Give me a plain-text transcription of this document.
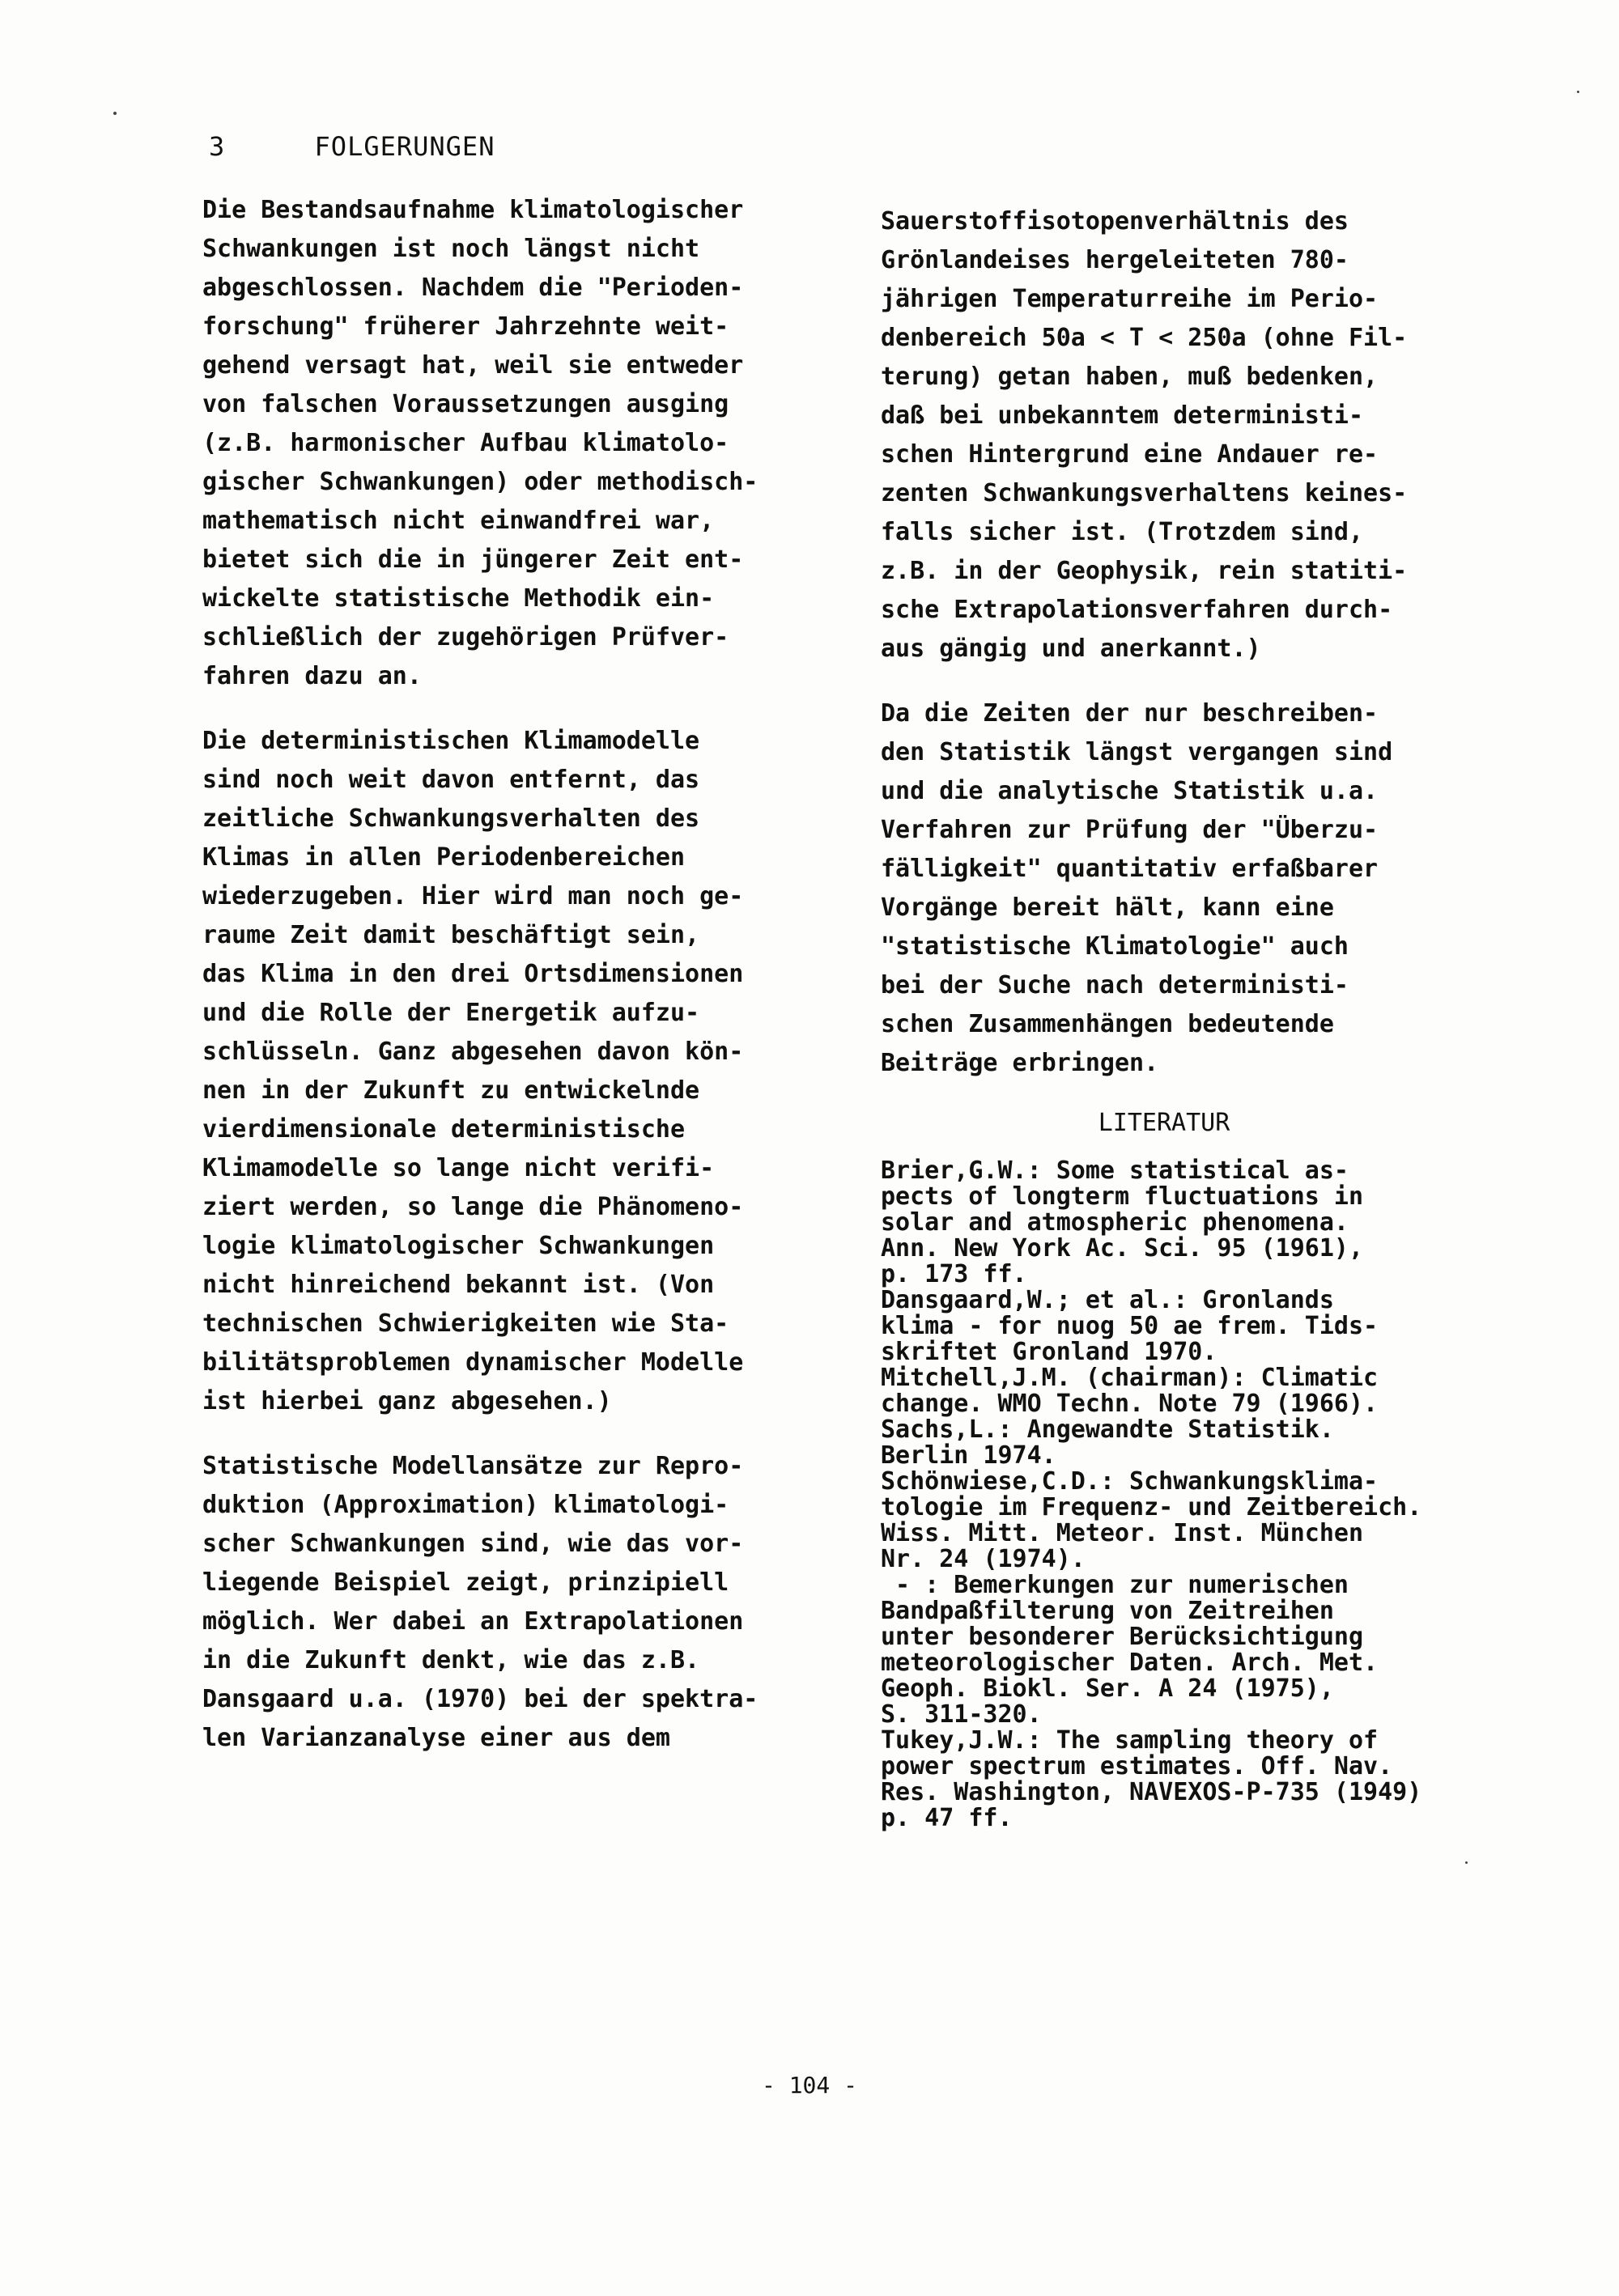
3	FOLGERUNGEN
Die Bestandsaufnahme klimatologischer
Schwankungen ist noch längst nicht
abgeschlossen. Nachdem die "Perioden-
forschung" früherer Jahrzehnte weit-
gehend versagt hat, weil sie entweder
von falschen Voraussetzungen ausging
(z.B. harmonischer Aufbau klimatolo-
gischer Schwankungen) oder methodisch-
mathematisch nicht einwandfrei war,
bietet sich die in jüngerer Zeit ent-
wickelte statistische Methodik ein-
schließlich der zugehörigen Prüfver-
fahren dazu an.
Die deterministischen Klimamodelle
sind noch weit davon entfernt, das
zeitliche Schwankungsverhalten des
Klimas in allen Periodenbereichen
wiederzugeben. Hier wird man noch ge-
raume Zeit damit beschäftigt sein,
das Klima in den drei Ortsdimensionen
und die Rolle der Energetik aufzu-
schlüsseln. Ganz abgesehen davon kön-
nen in der Zukunft zu entwickelnde
vierdimensionale deterministische
Klimamodelle so lange nicht verifi-
ziert werden, so lange die Phänomeno-
logie klimatologischer Schwankungen
nicht hinreichend bekannt ist. (Von
technischen Schwierigkeiten wie Sta-
bilitätsproblemen dynamischer Modelle
ist hierbei ganz abgesehen.)
Statistische Modellansätze zur Repro-
duktion (Approximation) klimatologi-
scher Schwankungen sind, wie das vor-
liegende Beispiel zeigt, prinzipiell
möglich. Wer dabei an Extrapolationen
in die Zukunft denkt, wie das z.B.
Dansgaard u.a. (1970) bei der spektra-
len Varianzanalyse einer aus dem
Sauerstoffisotopenverhältnis des
Grönlandeises hergeleiteten 780-
jährigen Temperaturreihe im Perio-
denbereich 50a < T < 250a (ohne Fil-
terung) getan haben, muß bedenken,
daß bei unbekanntem deterministi-
schen Hintergrund eine Andauer re-
zenten Schwankungsverhaltens keines-
falls sicher ist. (Trotzdem sind,
z.B. in der Geophysik, rein statiti-
sche Extrapolationsverfahren durch-
aus gängig und anerkannt.)
Da die Zeiten der nur beschreiben-
den Statistik längst vergangen sind
und die analytische Statistik u.a.
Verfahren zur Prüfung der "Überzu-
fälligkeit" quantitativ erfaßbarer
Vorgänge bereit hält, kann eine
"statistische Klimatologie" auch
bei der Suche nach deterministi-
schen Zusammenhängen bedeutende
Beiträge erbringen.
LITERATUR
Brier,G.W.: Some statistical as-
pects of longterm fluctuations in
solar and atmospheric phenomena.
Ann. New York Ac. Sci. 95 (1961),
p. 173 ff.
Dansgaard,W.; et al.: Gronlands
klima - for nuog 50 ae frem. Tids-
skriftet Gronland 1970.
Mitchell,J.M. (chairman): Climatic
change. WMO Techn. Note 79 (1966).
Sachs,L.: Angewandte Statistik.
Berlin 1974.
Schönwiese,C.D.: Schwankungsklima-
tologie im Frequenz- und Zeitbereich.
Wiss. Mitt. Meteor. Inst. München
Nr. 24 (1974).
- : Bemerkungen zur numerischen
Bandpaßfilterung von Zeitreihen
unter besonderer Berücksichtigung
meteorologischer Daten. Arch. Met.
Geoph. Biokl. Ser. A 24 (1975),
S. 311-320.
Tukey,J.W.: The sampling theory of
power spectrum estimates. Off. Nav.
Res. Washington, NAVEXOS-P-735 (1949)
p. 47 ff.
- 104 -
